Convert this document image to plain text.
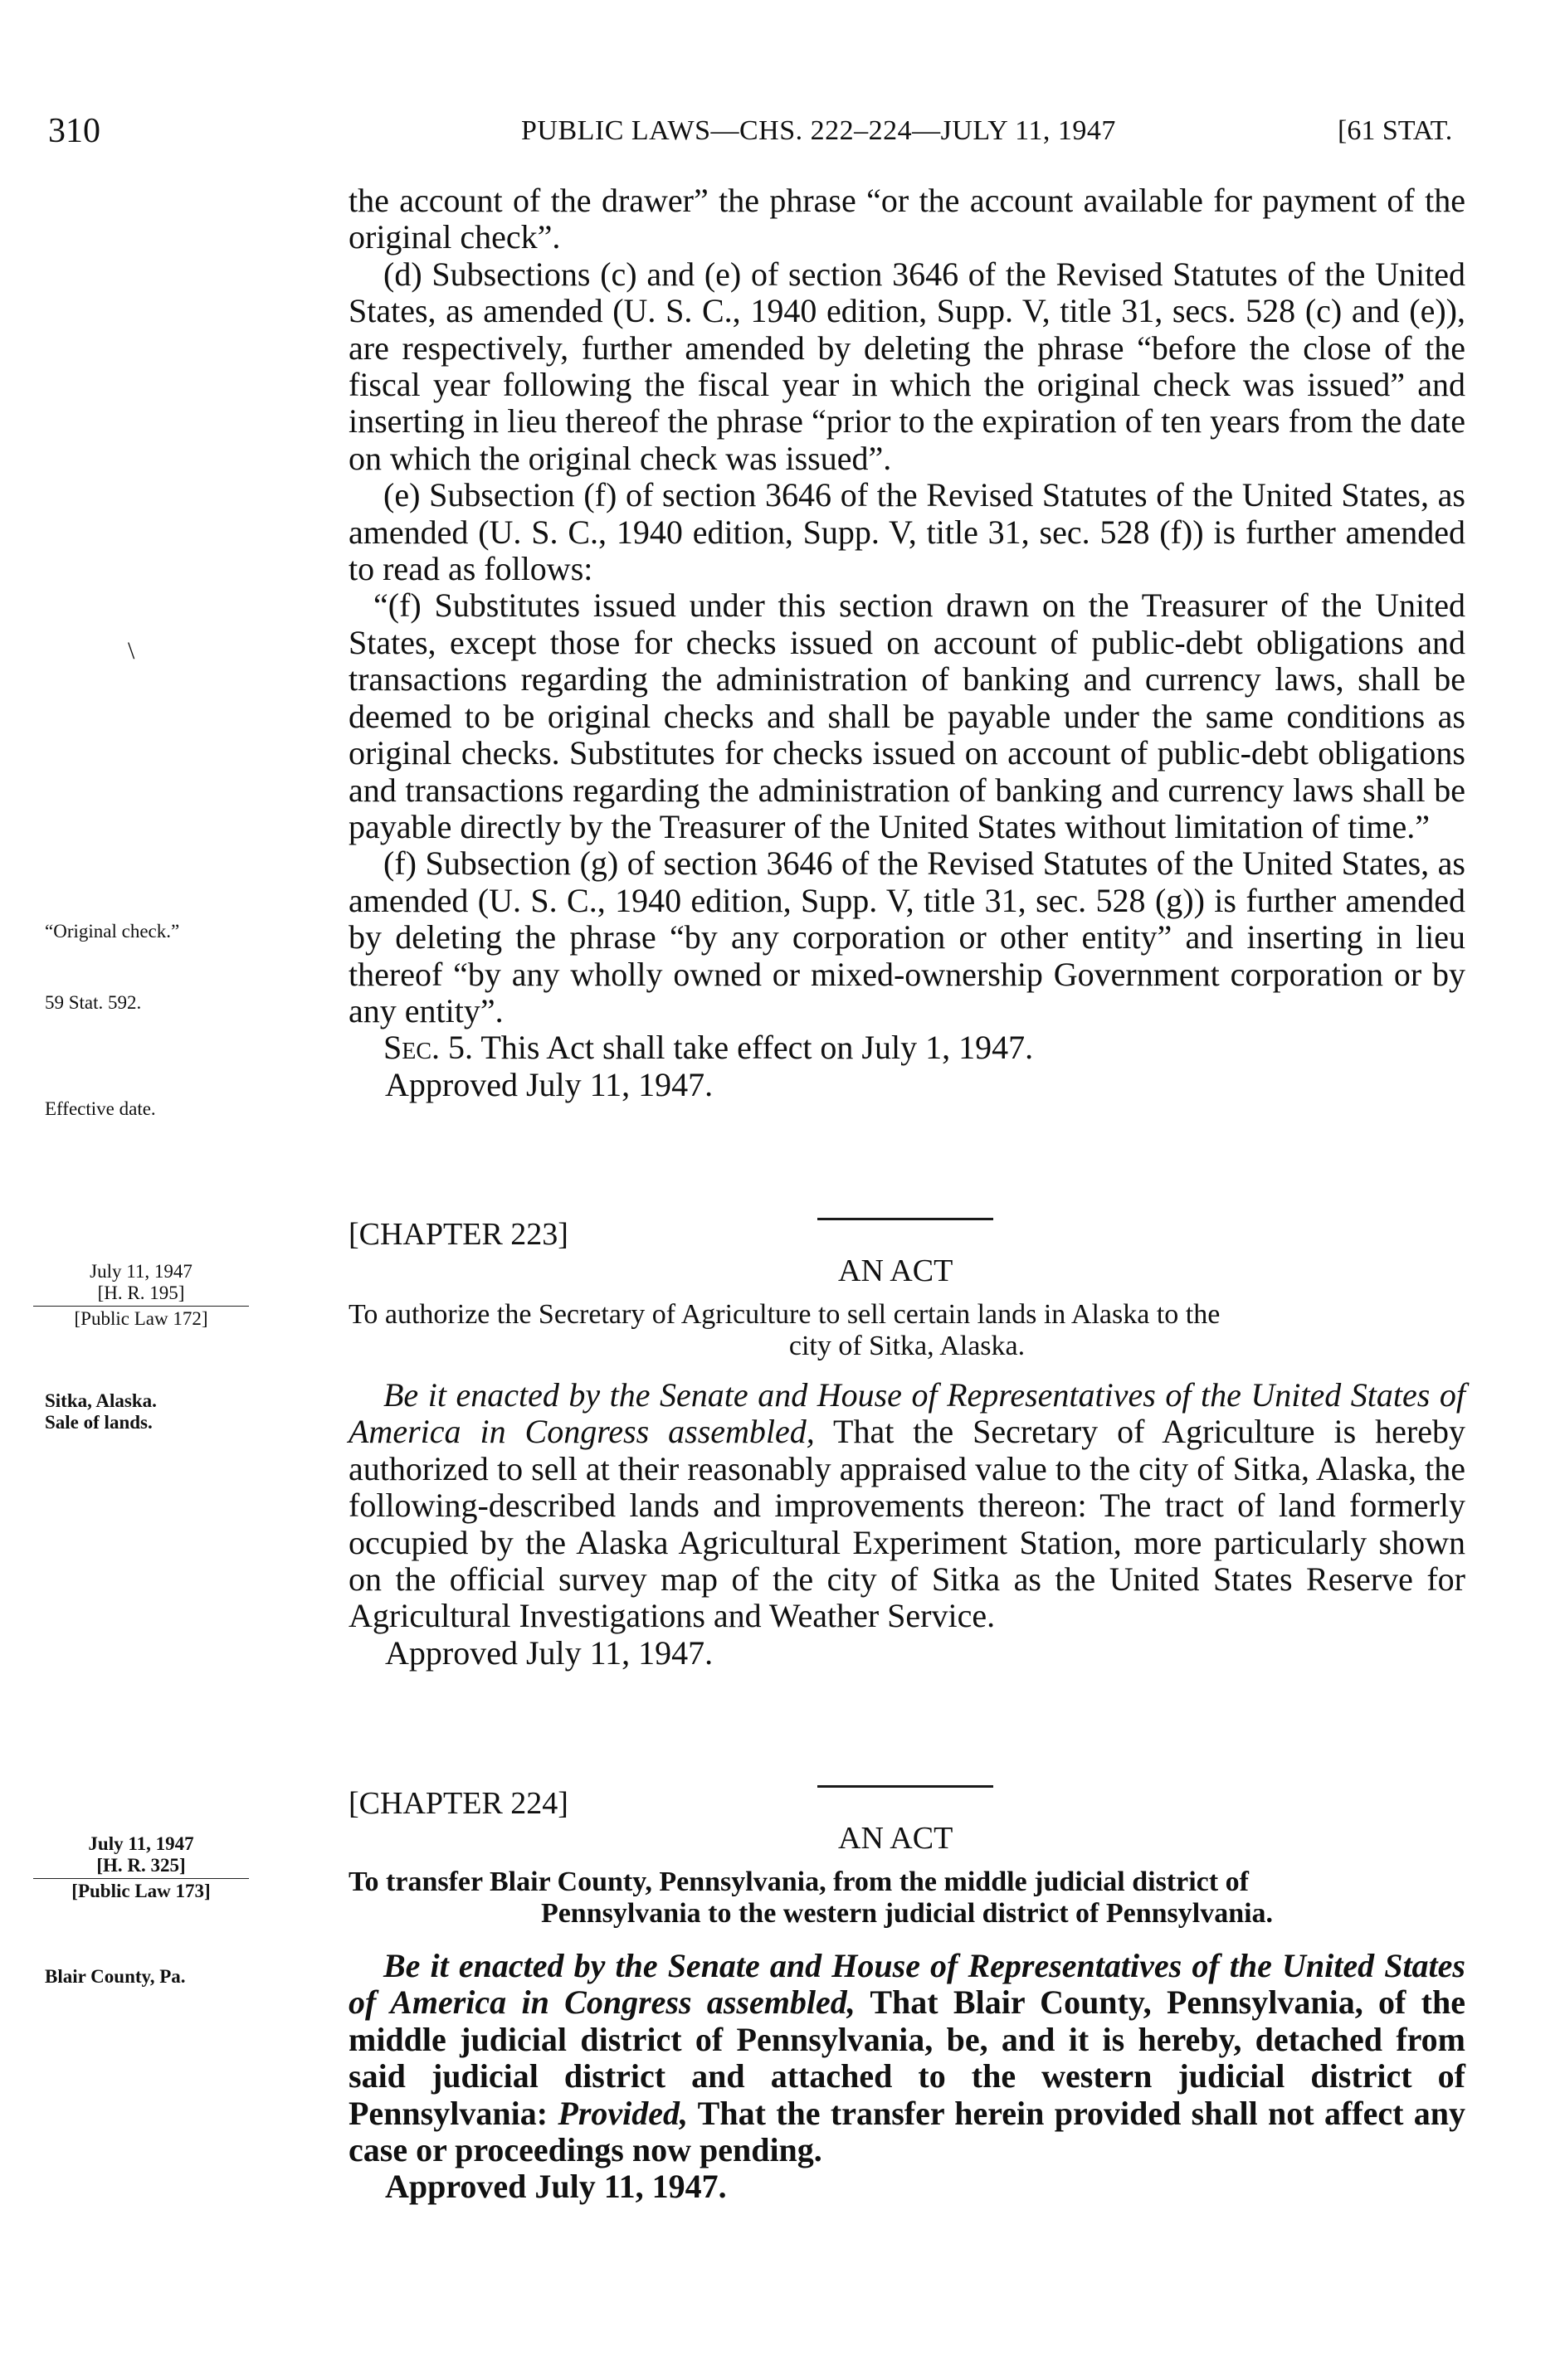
310	PUBLIC LAWS—CHS. 222–224—JULY 11, 1947	[61 STAT.

the account of the drawer” the phrase “or the account available for payment of the original check”.

(d) Subsections (c) and (e) of section 3646 of the Revised Statutes of the United States, as amended (U. S. C., 1940 edition, Supp. V, title 31, secs. 528 (c) and (e)), are respectively, further amended by deleting the phrase “before the close of the fiscal year following the fiscal year in which the original check was issued” and inserting in lieu thereof the phrase “prior to the expiration of ten years from the date on which the original check was issued”.

(e) Subsection (f) of section 3646 of the Revised Statutes of the United States, as amended (U. S. C., 1940 edition, Supp. V, title 31, sec. 528 (f)) is further amended to read as follows:

“(f) Substitutes issued under this section drawn on the Treasurer of the United States, except those for checks issued on account of public-debt obligations and transactions regarding the administration of banking and currency laws, shall be deemed to be original checks and shall be payable under the same conditions as original checks. Substitutes for checks issued on account of public-debt obligations and transactions regarding the administration of banking and currency laws shall be payable directly by the Treasurer of the United States without limitation of time.”

(f) Subsection (g) of section 3646 of the Revised Statutes of the United States, as amended (U. S. C., 1940 edition, Supp. V, title 31, sec. 528 (g)) is further amended by deleting the phrase “by any corporation or other entity” and inserting in lieu thereof “by any wholly owned or mixed-ownership Government corporation or by any entity”.

Sec. 5. This Act shall take effect on July 1, 1947.

Approved July 11, 1947.

\
“Original check.”
59 Stat. 592.
Effective date.
[CHAPTER 223]
AN ACT
To authorize the Secretary of Agriculture to sell certain lands in Alaska to the
city of Sitka, Alaska.
July 11, 1947
[H. R. 195]
[Public Law 172]
Sitka, Alaska.
Sale of lands.

Be it enacted by the Senate and House of Representatives of the United States of America in Congress assembled, That the Secretary of Agriculture is hereby authorized to sell at their reasonably appraised value to the city of Sitka, Alaska, the following-described lands and improvements thereon: The tract of land formerly occupied by the Alaska Agricultural Experiment Station, more particularly shown on the official survey map of the city of Sitka as the United States Reserve for Agricultural Investigations and Weather Service.

Approved July 11, 1947.

[CHAPTER 224]
AN ACT
To transfer Blair County, Pennsylvania, from the middle judicial district of
Pennsylvania to the western judicial district of Pennsylvania.
July 11, 1947
[H. R. 325]
[Public Law 173]
Blair County, Pa.	Be it enacted by the Senate and House of Representatives of the United States of America in Congress assembled, That Blair County, Pennsylvania, of the middle judicial district of Pennsylvania, be, and it is hereby, detached from said judicial district and attached to the western judicial district of Pennsylvania: Provided, That the transfer herein provided shall not affect any case or proceedings now pending.

Approved July 11, 1947.
